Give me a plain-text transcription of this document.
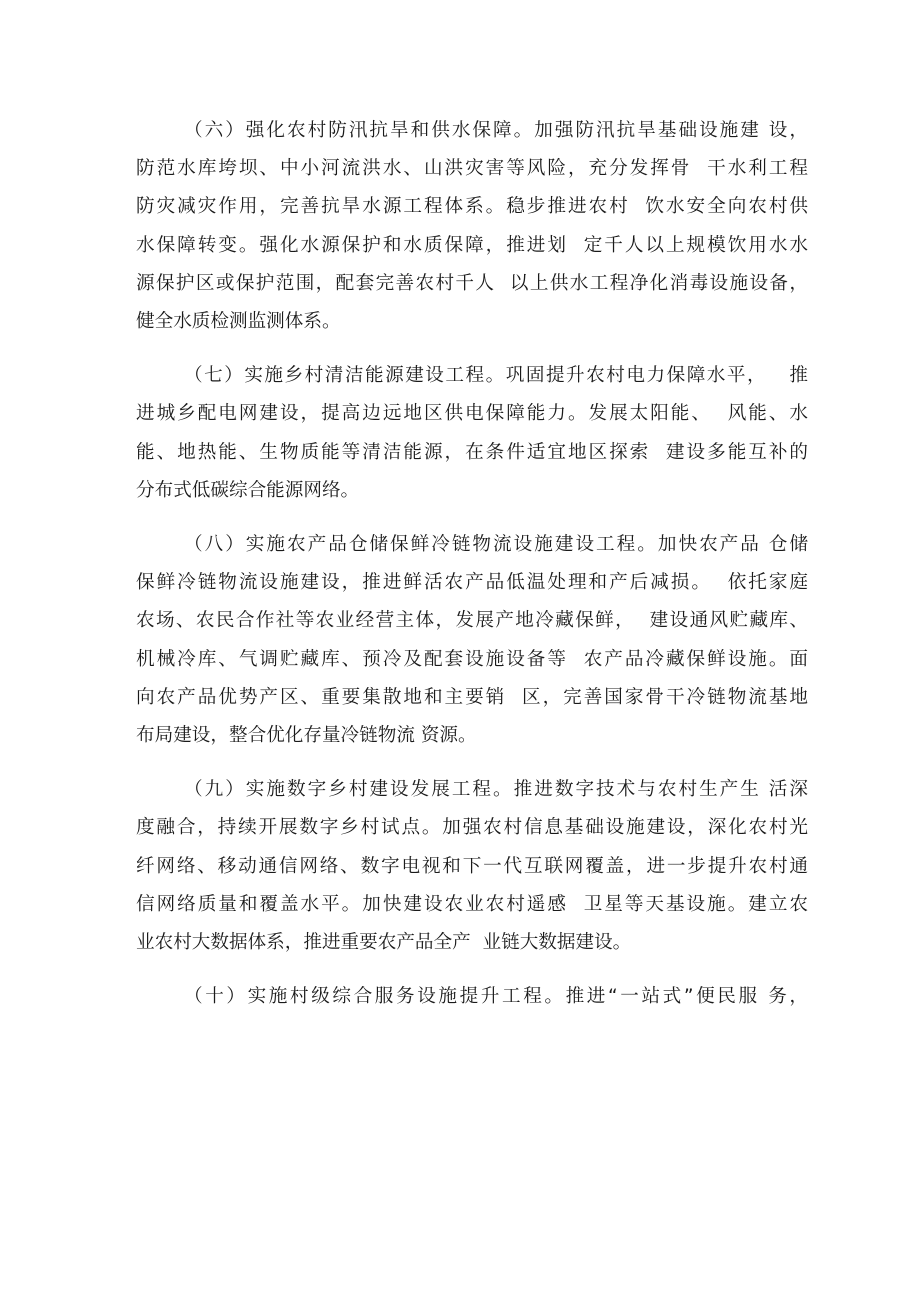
（六）强化农村防汛抗旱和供水保障。加强防汛抗旱基础设施建 设，
防范水库垮坝、中小河流洪水、山洪灾害等风险，充分发挥骨  干水利工程
防灾减灾作用，完善抗旱水源工程体系。稳步推进农村  饮水安全向农村供
水保障转变。强化水源保护和水质保障，推进划  定千人以上规模饮用水水
源保护区或保护范围，配套完善农村千人  以上供水工程净化消毒设施设备，
健全水质检测监测体系。

（七）实施乡村清洁能源建设工程。巩固提升农村电力保障水平，   推
进城乡配电网建设，提高边远地区供电保障能力。发展太阳能、  风能、水
能、地热能、生物质能等清洁能源，在条件适宜地区探索  建设多能互补的
分布式低碳综合能源网络。

（八）实施农产品仓储保鲜冷链物流设施建设工程。加快农产品 仓储
保鲜冷链物流设施建设，推进鲜活农产品低温处理和产后减损。  依托家庭
农场、农民合作社等农业经营主体，发展产地冷藏保鲜，  建设通风贮藏库、
机械冷库、气调贮藏库、预冷及配套设施设备等  农产品冷藏保鲜设施。面
向农产品优势产区、重要集散地和主要销  区，完善国家骨干冷链物流基地
布局建设，整合优化存量冷链物流 资源。

（九）实施数字乡村建设发展工程。推进数字技术与农村生产生 活深
度融合，持续开展数字乡村试点。加强农村信息基础设施建设，深化农村光
纤网络、移动通信网络、数字电视和下一代互联网覆盖，进一步提升农村通
信网络质量和覆盖水平。加快建设农业农村遥感  卫星等天基设施。建立农
业农村大数据体系，推进重要农产品全产  业链大数据建设。

（十）实施村级综合服务设施提升工程。推进“一站式”便民服 务，
